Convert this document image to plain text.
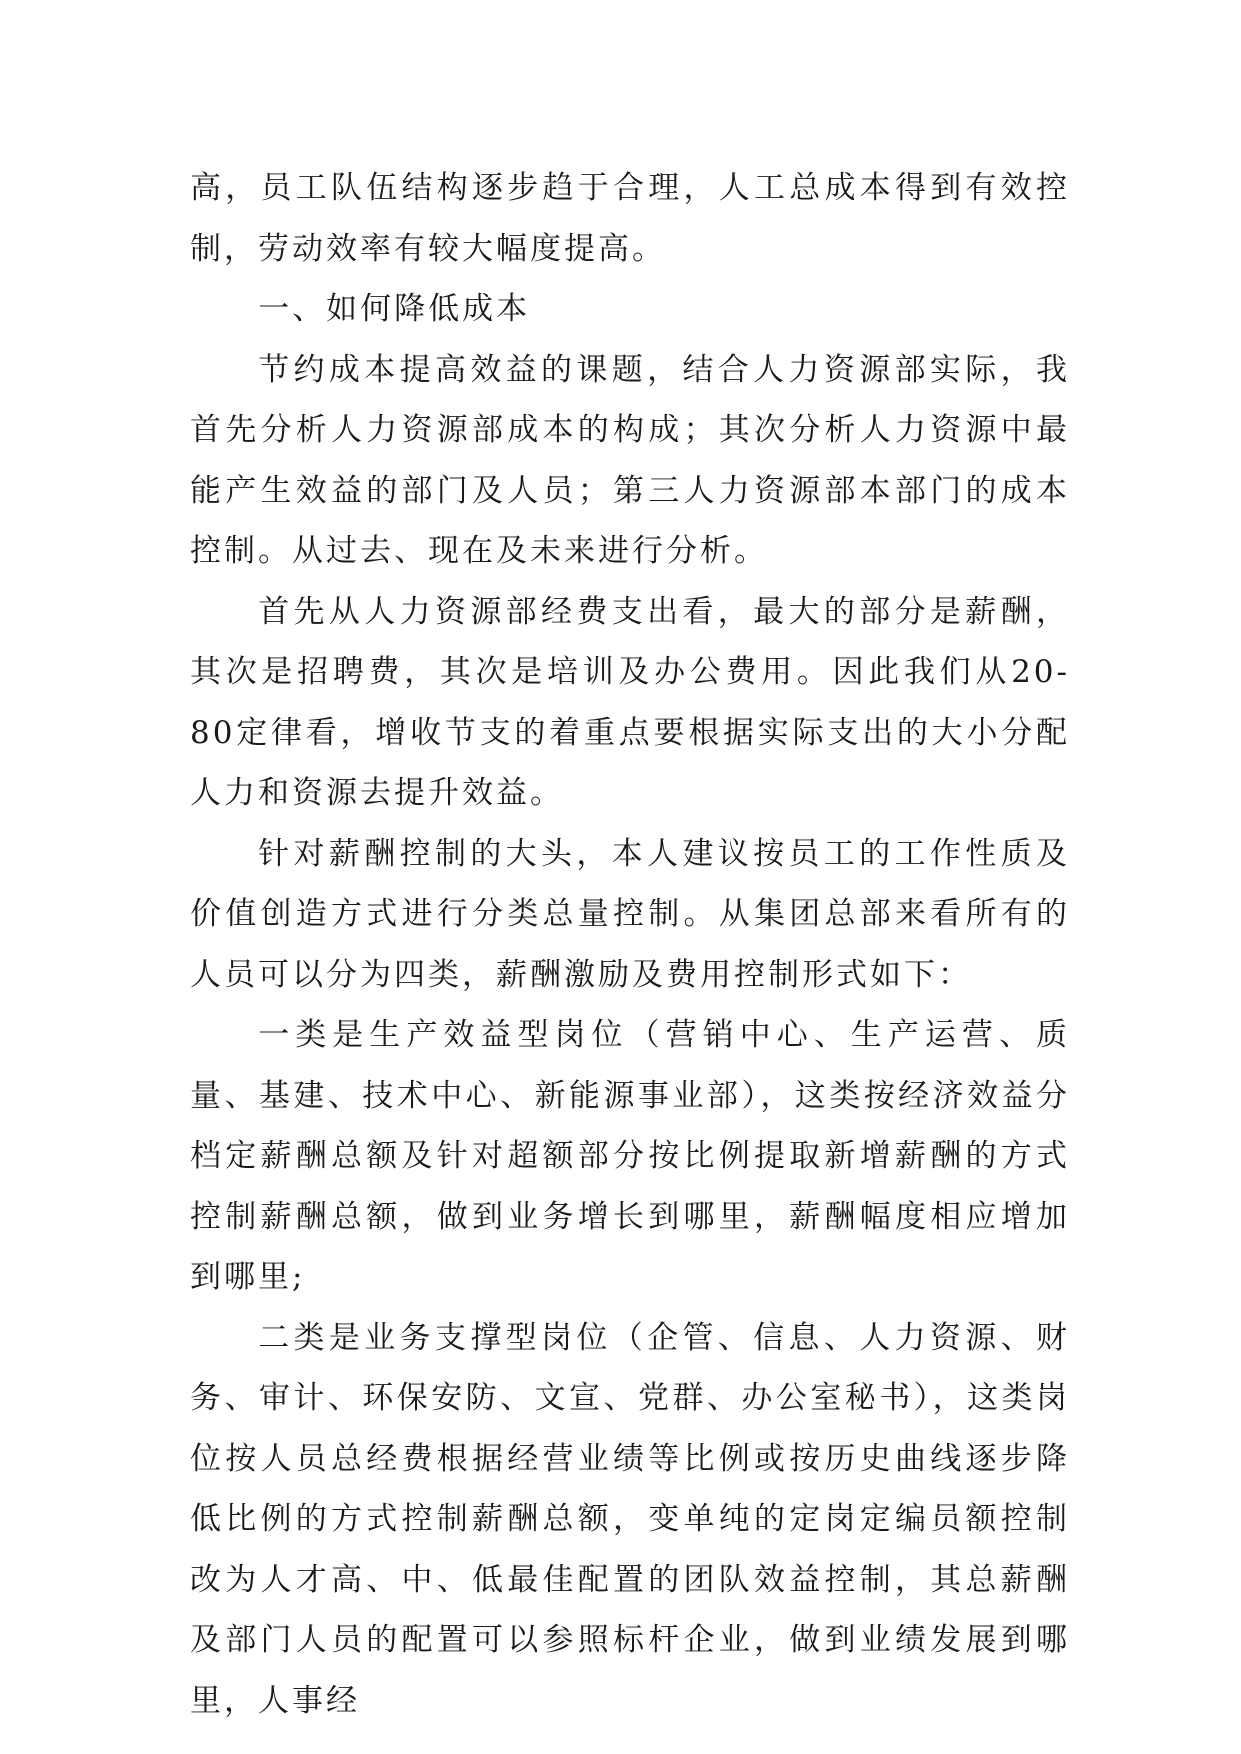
高，员工队伍结构逐步趋于合理，人工总成本得到有效控制，劳动效率有较大幅度提高。

一、如何降低成本

节约成本提高效益的课题，结合人力资源部实际，我首先分析人力资源部成本的构成；其次分析人力资源中最能产生效益的部门及人员；第三人力资源部本部门的成本控制。从过去、现在及未来进行分析。

首先从人力资源部经费支出看，最大的部分是薪酬，其次是招聘费，其次是培训及办公费用。因此我们从20-80定律看，增收节支的着重点要根据实际支出的大小分配人力和资源去提升效益。

针对薪酬控制的大头，本人建议按员工的工作性质及价值创造方式进行分类总量控制。从集团总部来看所有的人员可以分为四类，薪酬激励及费用控制形式如下：

一类是生产效益型岗位（营销中心、生产运营、质量、基建、技术中心、新能源事业部），这类按经济效益分档定薪酬总额及针对超额部分按比例提取新增薪酬的方式控制薪酬总额，做到业务增长到哪里，薪酬幅度相应增加到哪里;

二类是业务支撑型岗位（企管、信息、人力资源、财务、审计、环保安防、文宣、党群、办公室秘书），这类岗位按人员总经费根据经营业绩等比例或按历史曲线逐步降低比例的方式控制薪酬总额，变单纯的定岗定编员额控制改为人才高、中、低最佳配置的团队效益控制，其总薪酬及部门人员的配置可以参照标杆企业，做到业绩发展到哪里，人事经
